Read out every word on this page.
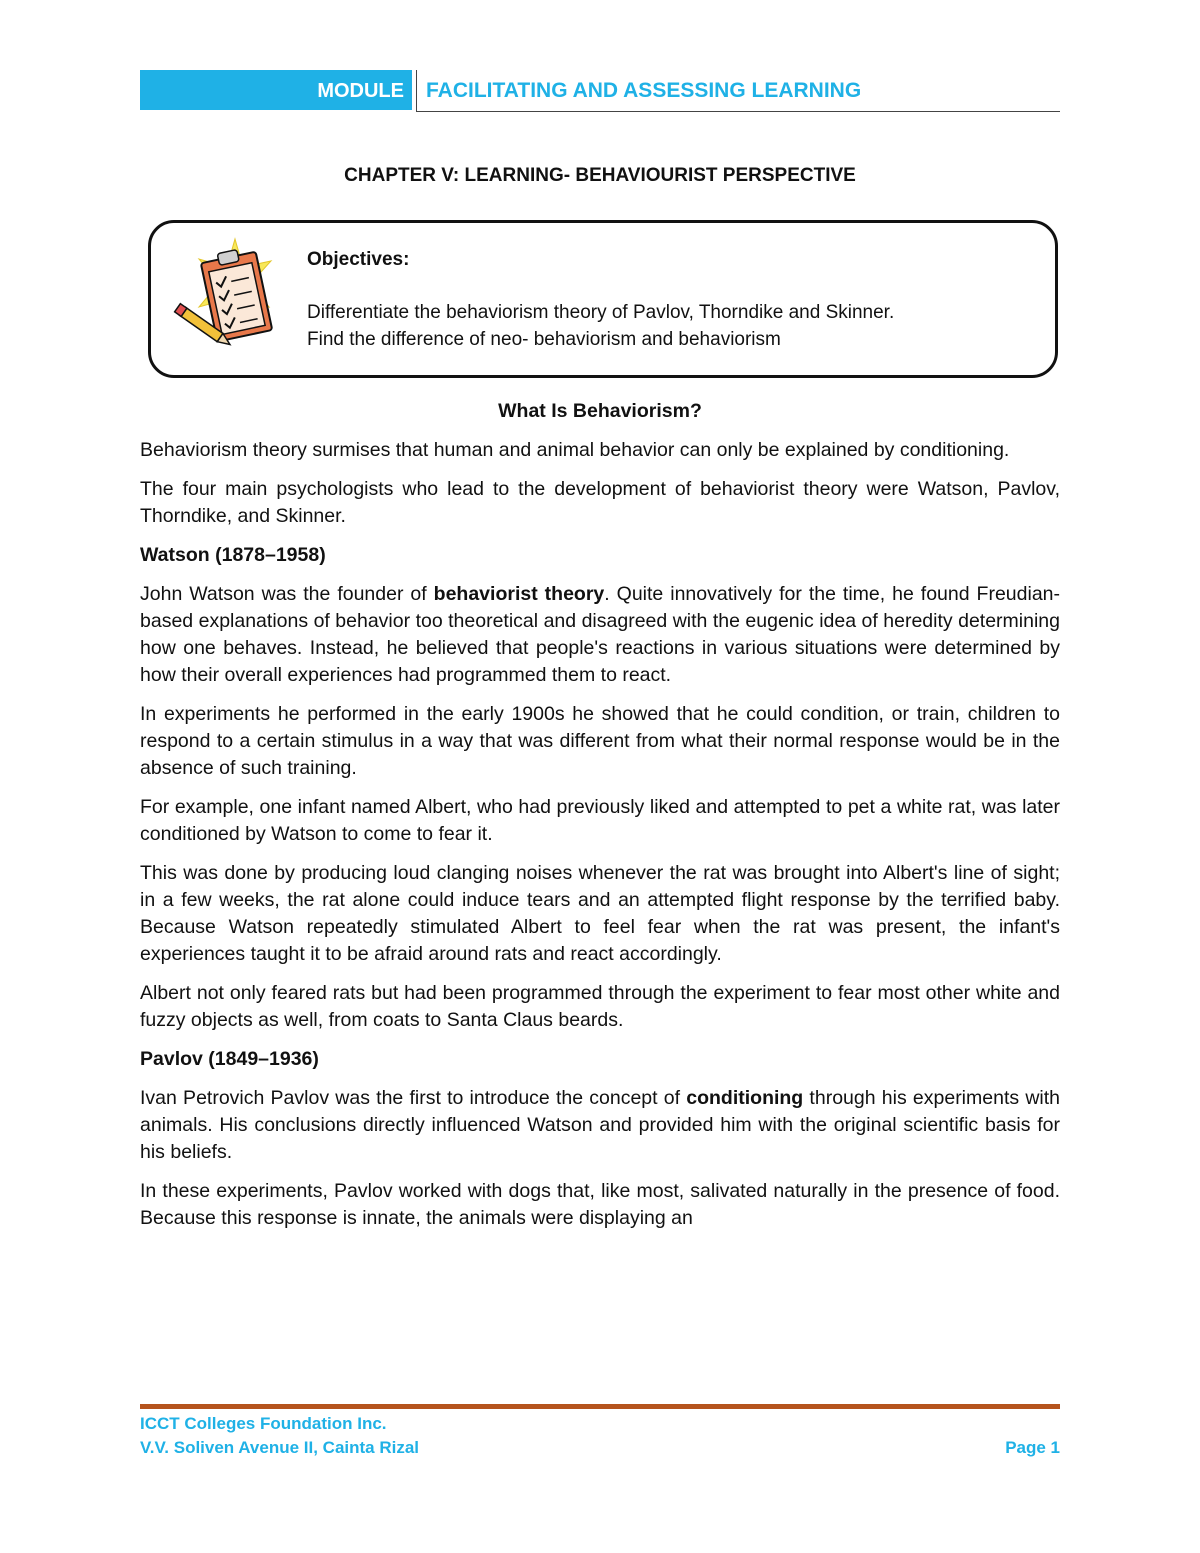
MODULE	FACILITATING AND ASSESSING LEARNING
CHAPTER V: LEARNING- BEHAVIOURIST PERSPECTIVE
Objectives:
Differentiate the behaviorism theory of Pavlov, Thorndike and Skinner.
Find the difference of neo- behaviorism and behaviorism
What Is Behaviorism?

Behaviorism theory surmises that human and animal behavior can only be explained by conditioning.

The four main psychologists who lead to the development of behaviorist theory were Watson, Pavlov, Thorndike, and Skinner.

Watson (1878–1958)

John Watson was the founder of behaviorist theory. Quite innovatively for the time, he found Freudian-based explanations of behavior too theoretical and disagreed with the eugenic idea of heredity determining how one behaves. Instead, he believed that people's reactions in various situations were determined by how their overall experiences had programmed them to react.

In experiments he performed in the early 1900s he showed that he could condition, or train, children to respond to a certain stimulus in a way that was different from what their normal response would be in the absence of such training.

For example, one infant named Albert, who had previously liked and attempted to pet a white rat, was later conditioned by Watson to come to fear it.

This was done by producing loud clanging noises whenever the rat was brought into Albert's line of sight; in a few weeks, the rat alone could induce tears and an attempted flight response by the terrified baby. Because Watson repeatedly stimulated Albert to feel fear when the rat was present, the infant's experiences taught it to be afraid around rats and react accordingly.

Albert not only feared rats but had been programmed through the experiment to fear most other white and fuzzy objects as well, from coats to Santa Claus beards.

Pavlov (1849–1936)

Ivan Petrovich Pavlov was the first to introduce the concept of conditioning through his experiments with animals. His conclusions directly influenced Watson and provided him with the original scientific basis for his beliefs.

In these experiments, Pavlov worked with dogs that, like most, salivated naturally in the presence of food. Because this response is innate, the animals were displaying an

ICCT Colleges Foundation Inc.
V.V. Soliven Avenue II, Cainta Rizal	Page 1
